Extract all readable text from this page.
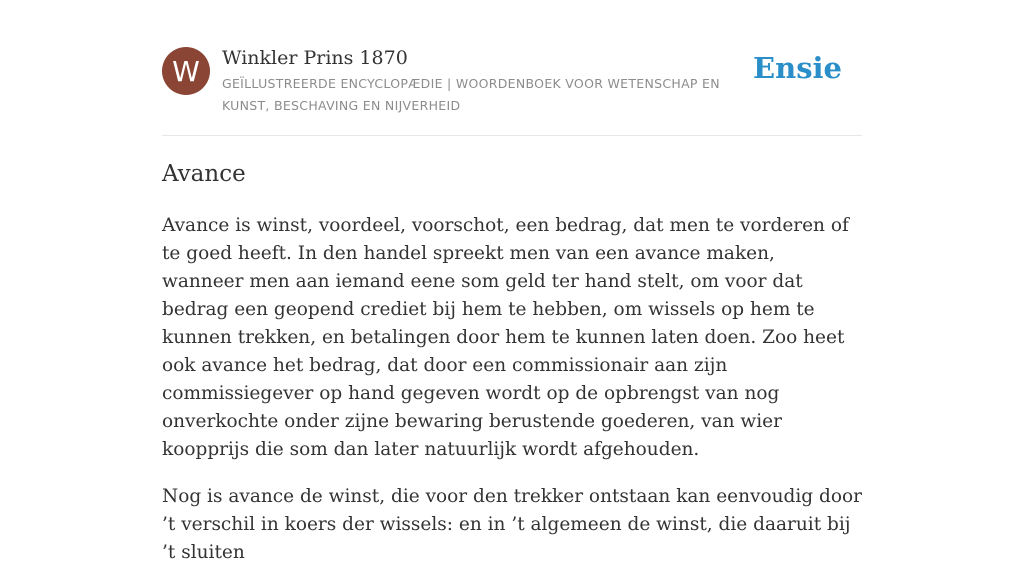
W	Winkler Prins 1870
GEÏLLUSTREERDE ENCYCLOPÆDIE | WOORDENBOEK VOOR WETENSCHAP EN KUNST, BESCHAVING EN NIJVERHEID
Ensie
Avance

Avance is winst, voordeel, voorschot, een bedrag, dat men te vorderen of te goed heeft. In den handel spreekt men van een avance maken, wanneer men aan iemand eene som geld ter hand stelt, om voor dat bedrag een geopend crediet bij hem te hebben, om wissels op hem te kunnen trekken, en betalingen door hem te kunnen laten doen. Zoo heet ook avance het bedrag, dat door een commissionair aan zijn commissiegever op hand gegeven wordt op de opbrengst van nog onverkochte onder zijne bewaring berustende goederen, van wier koopprijs die som dan later natuurlijk wordt afgehouden.

Nog is avance de winst, die voor den trekker ontstaan kan eenvoudig door ’t verschil in koers der wissels: en in ’t algemeen de winst, die daaruit bij ’t sluiten
